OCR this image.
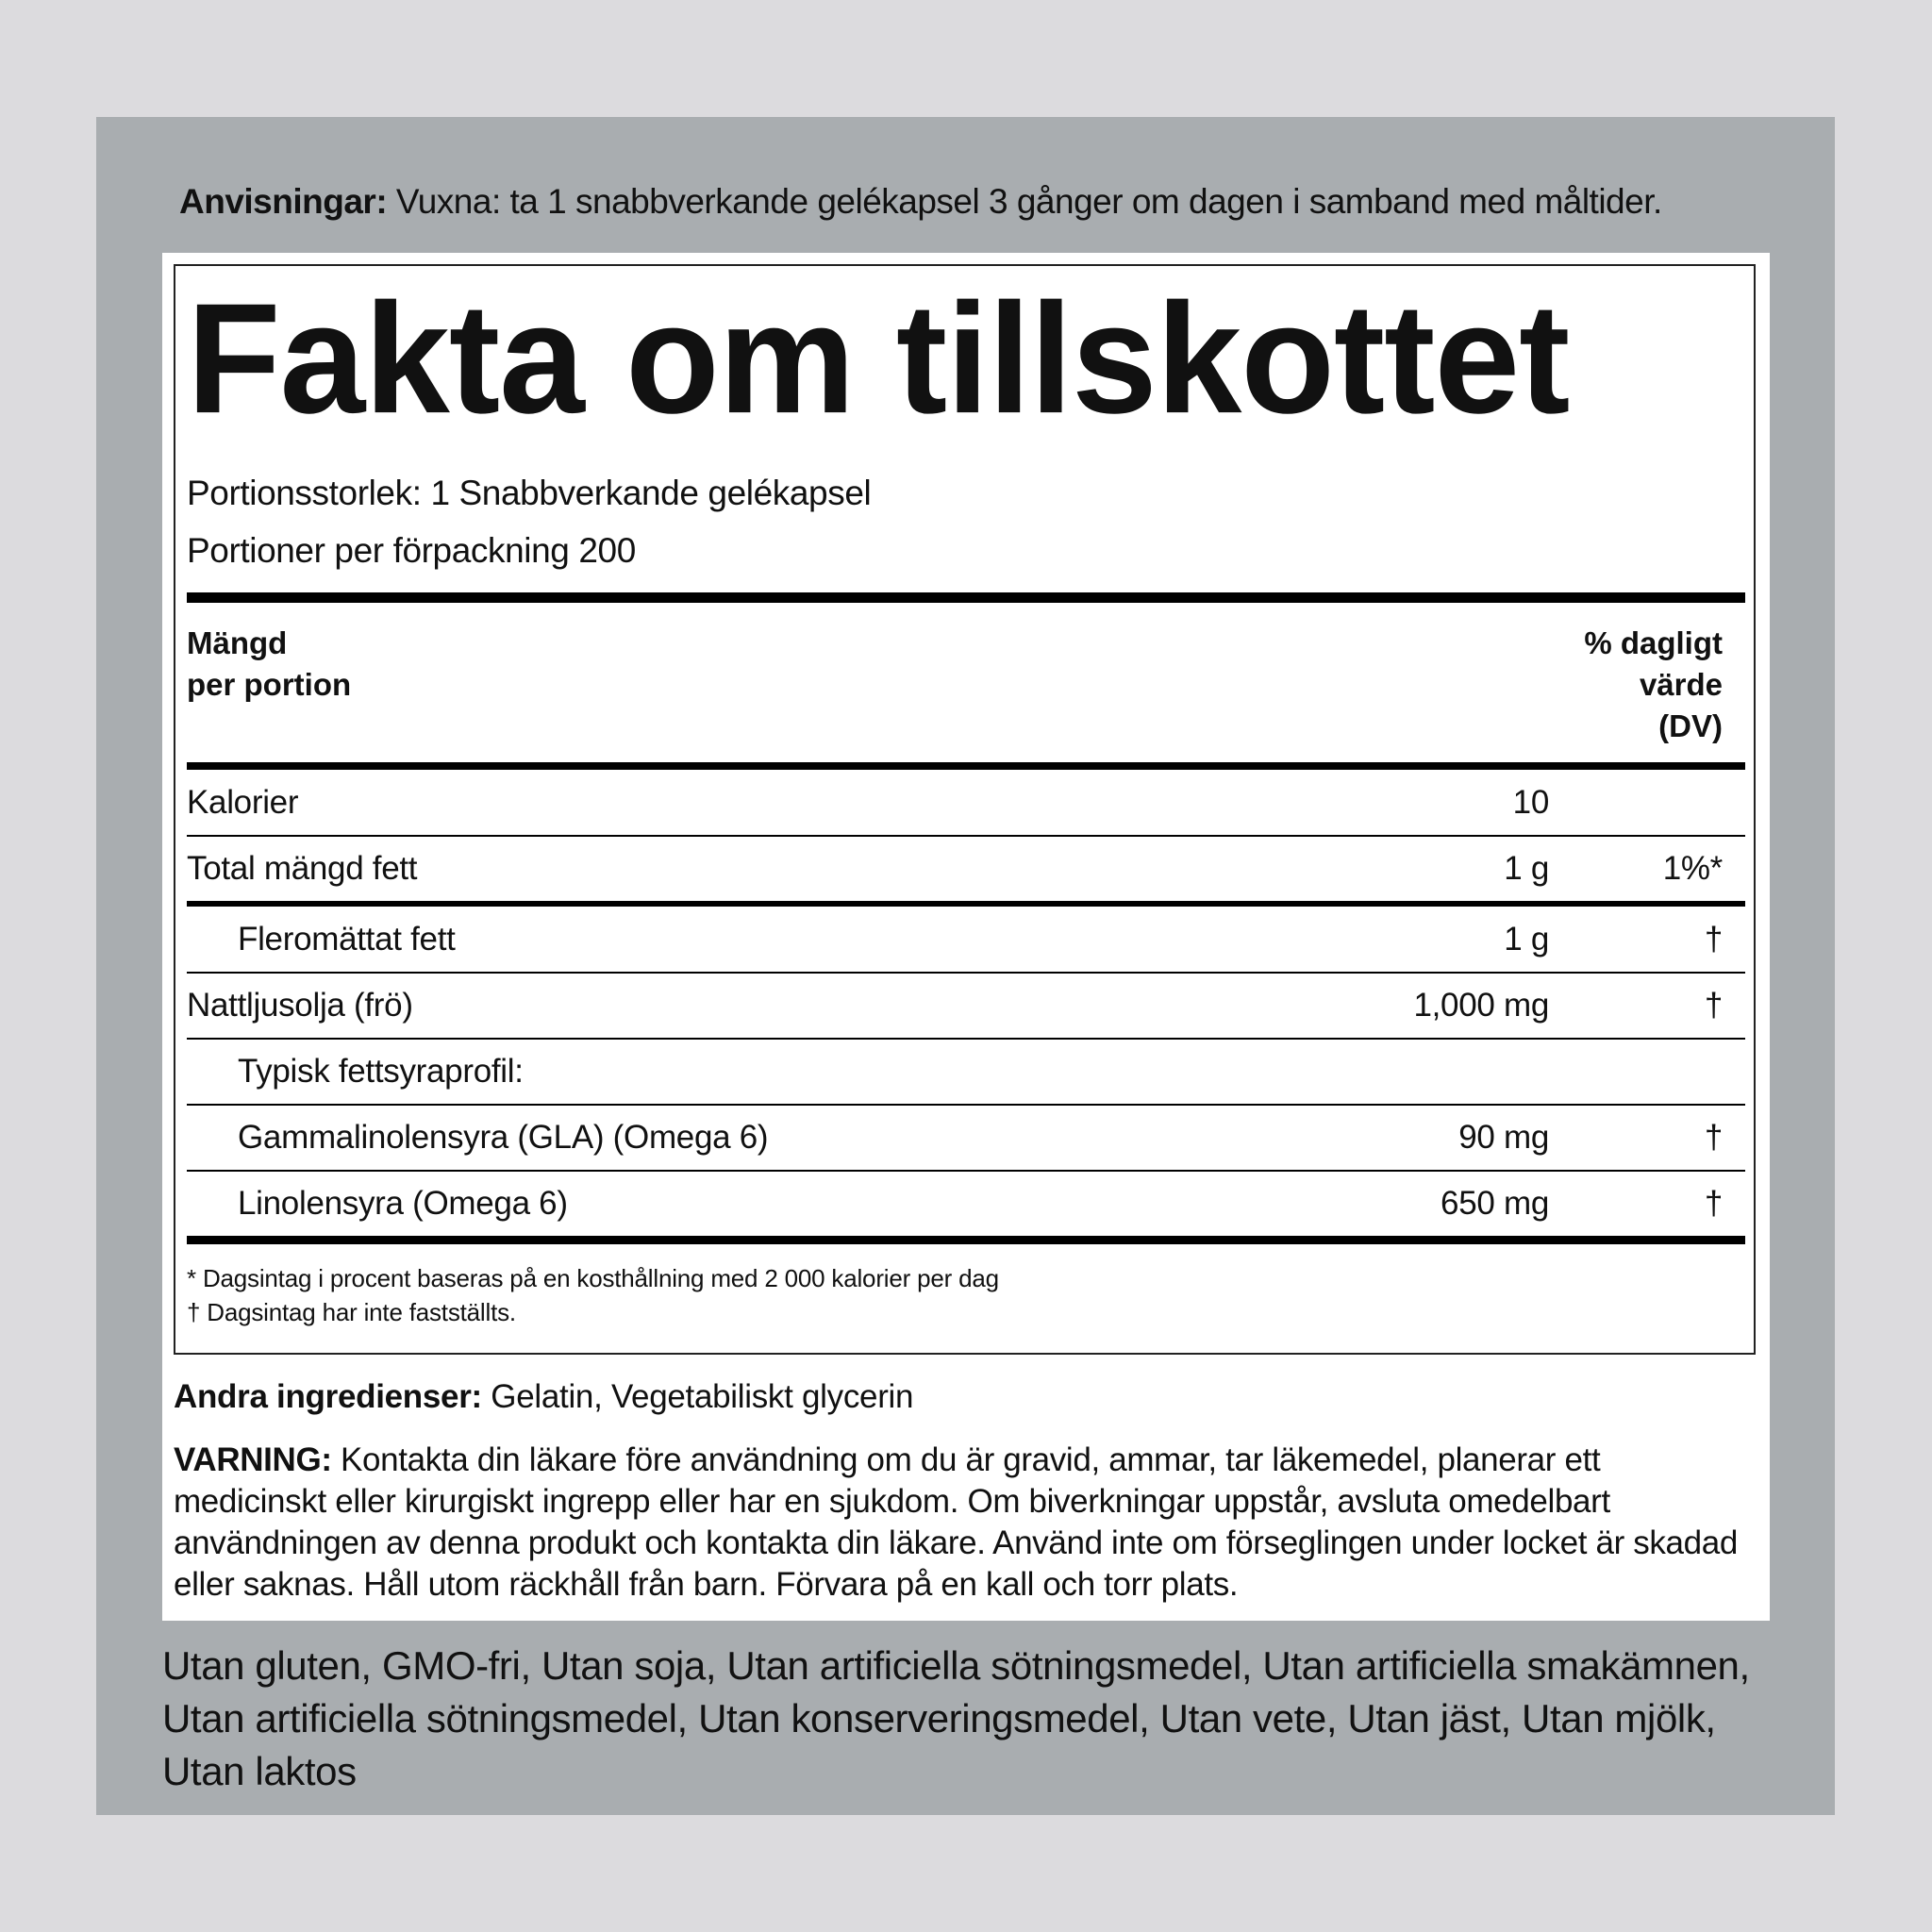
Anvisningar: Vuxna: ta 1 snabbverkande gelékapsel 3 gånger om dagen i samband med måltider.
Fakta om tillskottet
Portionsstorlek: 1 Snabbverkande gelékapsel
Portioner per förpackning 200
Mängd
per portion
% dagligt
värde
(DV)
Kalorier	10
Total mängd fett	1 g	1%*
Fleromättat fett	1 g	†
Nattljusolja (frö)	1,000 mg	†
Typisk fettsyraprofil:
Gammalinolensyra (GLA) (Omega 6)	90 mg	†
Linolensyra (Omega 6)	650 mg	†
* Dagsintag i procent baseras på en kosthållning med 2 000 kalorier per dag
† Dagsintag har inte fastställts.
Andra ingredienser: Gelatin, Vegetabiliskt glycerin
VARNING: Kontakta din läkare före användning om du är gravid, ammar, tar läkemedel, planerar ett medicinskt eller kirurgiskt ingrepp eller har en sjukdom. Om biverkningar uppstår, avsluta omedelbart användningen av denna produkt och kontakta din läkare. Använd inte om förseglingen under locket är skadad eller saknas. Håll utom räckhåll från barn. Förvara på en kall och torr plats.
Utan gluten, GMO-fri, Utan soja, Utan artificiella sötningsmedel, Utan artificiella smakämnen, Utan artificiella sötningsmedel, Utan konserveringsmedel, Utan vete, Utan jäst, Utan mjölk, Utan laktos
